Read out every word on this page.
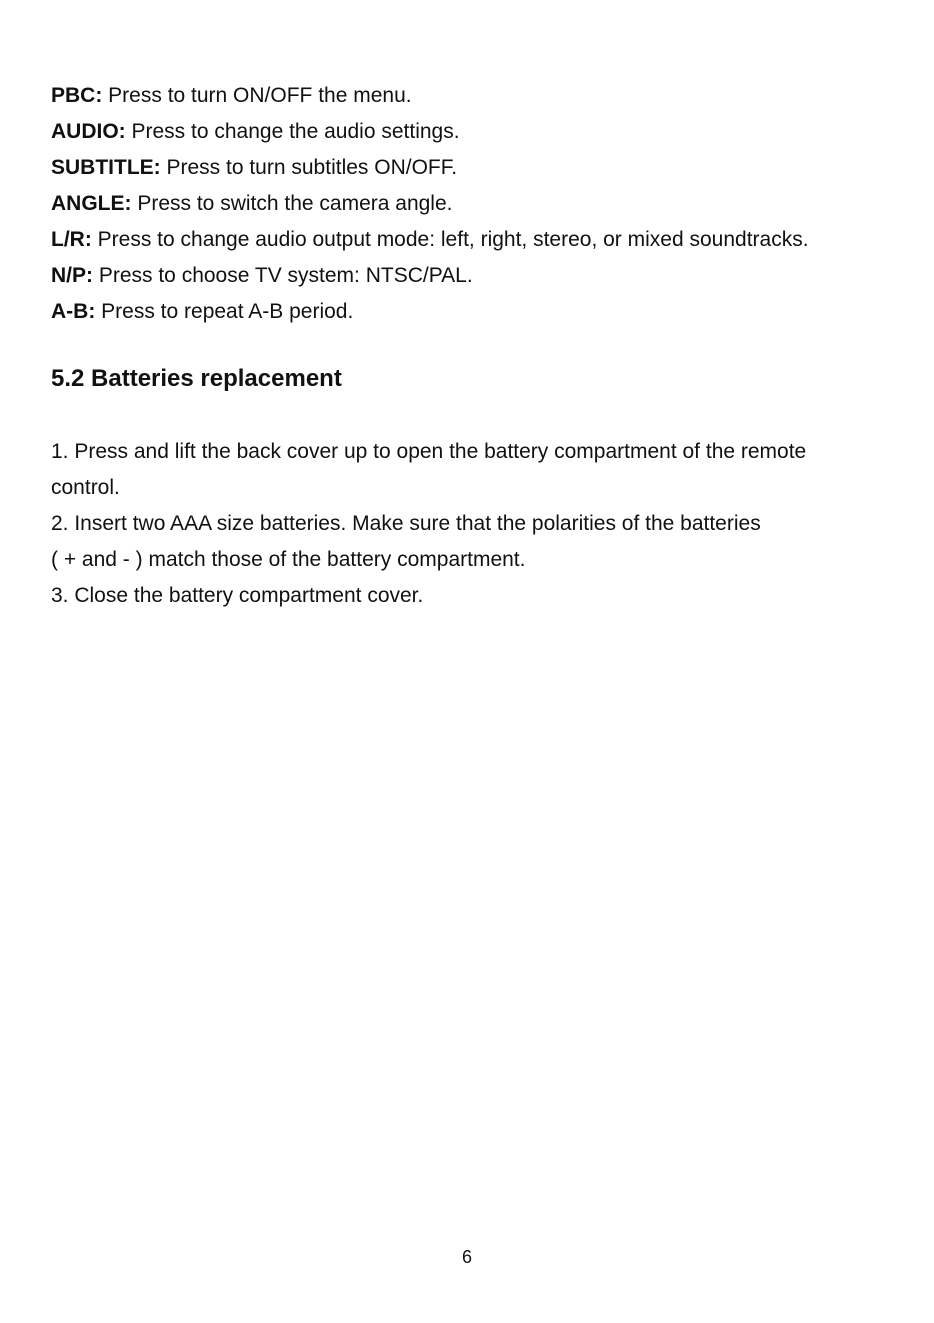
PBC: Press to turn ON/OFF the menu.
AUDIO: Press to change the audio settings.
SUBTITLE: Press to turn subtitles ON/OFF.
ANGLE: Press to switch the camera angle.
L/R: Press to change audio output mode: left, right, stereo, or mixed soundtracks.
N/P: Press to choose TV system: NTSC/PAL.
A-B: Press to repeat A-B period.
5.2 Batteries replacement
1. Press and lift the back cover up to open the battery compartment of the remote
control.
2. Insert two AAA size batteries. Make sure that the polarities of the batteries
( + and - ) match those of the battery compartment.
3. Close the battery compartment cover.
6
